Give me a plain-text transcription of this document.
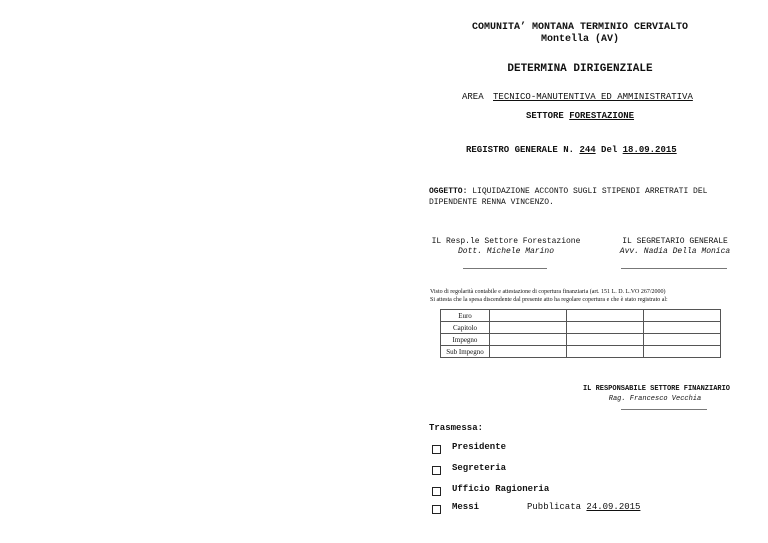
COMUNITA’ MONTANA TERMINIO CERVIALTO
Montella (AV)
DETERMINA DIRIGENZIALE
AREA TECNICO-MANUTENTIVA ED AMMINISTRATIVA
SETTORE FORESTAZIONE
REGISTRO GENERALE N. 244 Del 18.09.2015
OGGETTO: LIQUIDAZIONE ACCONTO SUGLI STIPENDI ARRETRATI DEL DIPENDENTE RENNA VINCENZO.
IL Resp.le Settore Forestazione
Dott. Michele Marino
IL SEGRETARIO GENERALE
Avv. Nadia Della Monica
Visto di regolarità contabile e attestazione di copertura finanziaria (art. 151 L. D. L.VO 267/2000)
Si attesta che la spesa discendente dal presente atto ha regolare copertura e che è stato registrato al:
Euro			
Capitolo			
Impegno			
Sub Impegno			
IL RESPONSABILE SETTORE FINANZIARIO
Rag. Francesco Vecchia
Trasmessa:
Presidente
Segreteria
Ufficio Ragioneria
Messi	Pubblicata 24.09.2015
